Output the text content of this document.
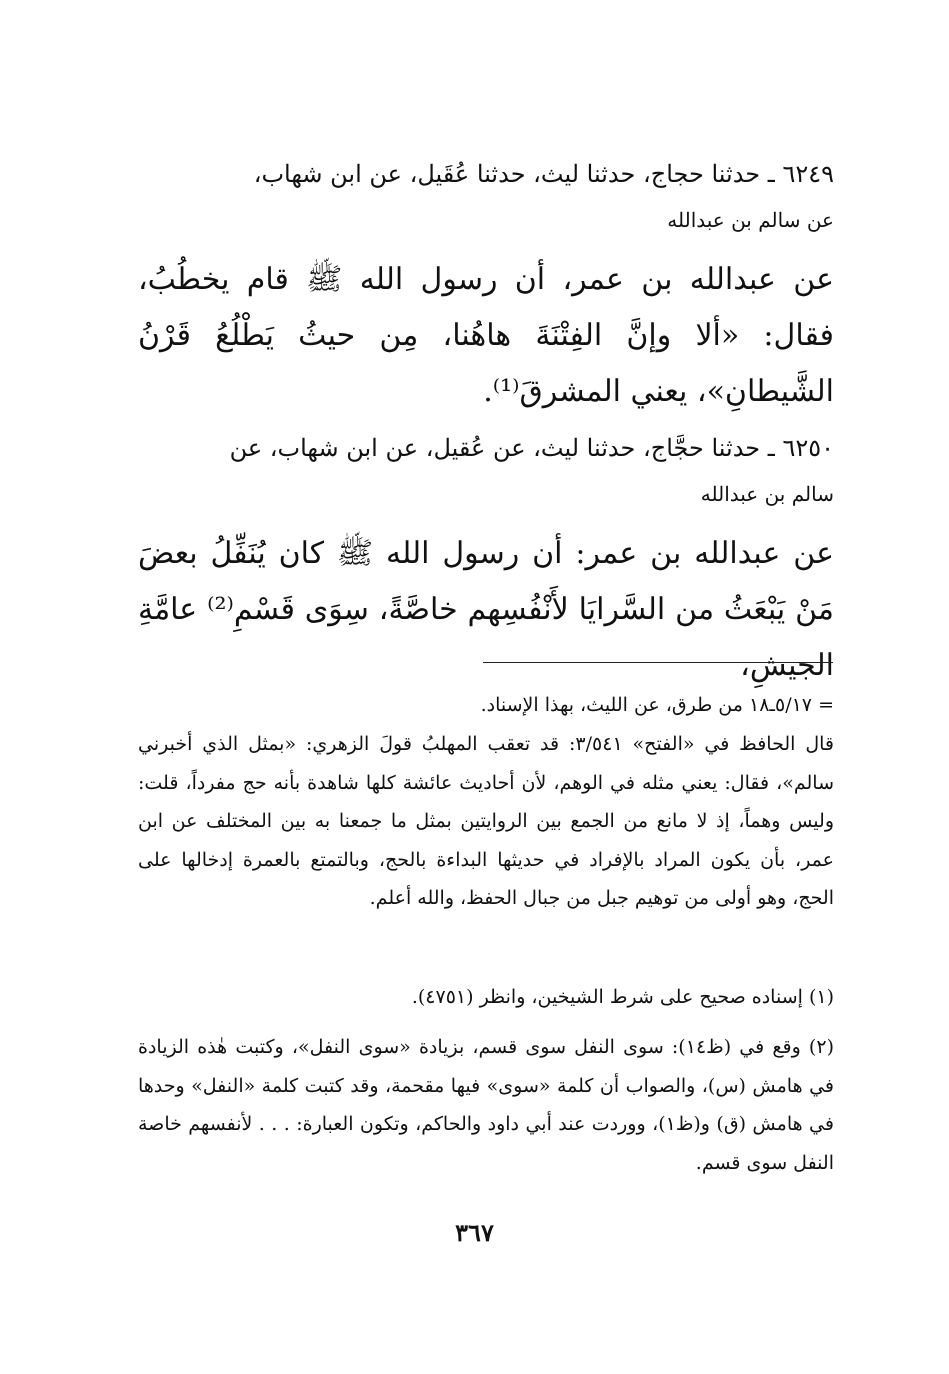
٦٢٤٩ ـ حدثنا حجاج، حدثنا ليث، حدثنا عُقَيل، عن ابن شهاب،
عن سالم بن عبدالله
عن عبدالله بن عمر، أن رسول الله ﷺ قام يخطُبُ، فقال: «ألا وإنَّ الفِتْنَةَ هاهُنا، مِن حيثُ يَطْلُعُ قَرْنُ الشَّيطانِ»، يعني المشرقَ⁽¹⁾.
٦٢٥٠ ـ حدثنا حجَّاج، حدثنا ليث، عن عُقيل، عن ابن شهاب، عن
سالم بن عبدالله
عن عبدالله بن عمر: أن رسول الله ﷺ كان يُنَفِّلُ بعضَ مَنْ يَبْعَثُ من السَّرايَا لأَنْفُسِهم خاصَّةً، سِوَى قَسْمِ⁽²⁾ عامَّةِ الجيشِ،
= ٥/١٧ـ١٨ من طرق، عن الليث، بهذا الإسناد.
قال الحافظ في «الفتح» ٣/٥٤١: قد تعقب المهلبُ قولَ الزهري: «بمثل الذي أخبرني سالم»، فقال: يعني مثله في الوهم، لأن أحاديث عائشة كلها شاهدة بأنه حج مفرداً، قلت: وليس وهماً، إذ لا مانع من الجمع بين الروايتين بمثل ما جمعنا به بين المختلف عن ابن عمر، بأن يكون المراد بالإفراد في حديثها البداءة بالحج، وبالتمتع بالعمرة إدخالها على الحج، وهو أولى من توهيم جبل من جبال الحفظ، والله أعلم.
(١) إسناده صحيح على شرط الشيخين، وانظر (٤٧٥١).
(٢) وقع في (ظ١٤): سوى النفل سوى قسم، بزيادة «سوى النفل»، وكتبت هٰذه الزيادة في هامش (س)، والصواب أن كلمة «سوى» فيها مقحمة، وقد كتبت كلمة «النفل» وحدها في هامش (ق) و(ظ١)، ووردت عند أبي داود والحاكم، وتكون العبارة: . . . لأنفسهم خاصة النفل سوى قسم.
٣٦٧
